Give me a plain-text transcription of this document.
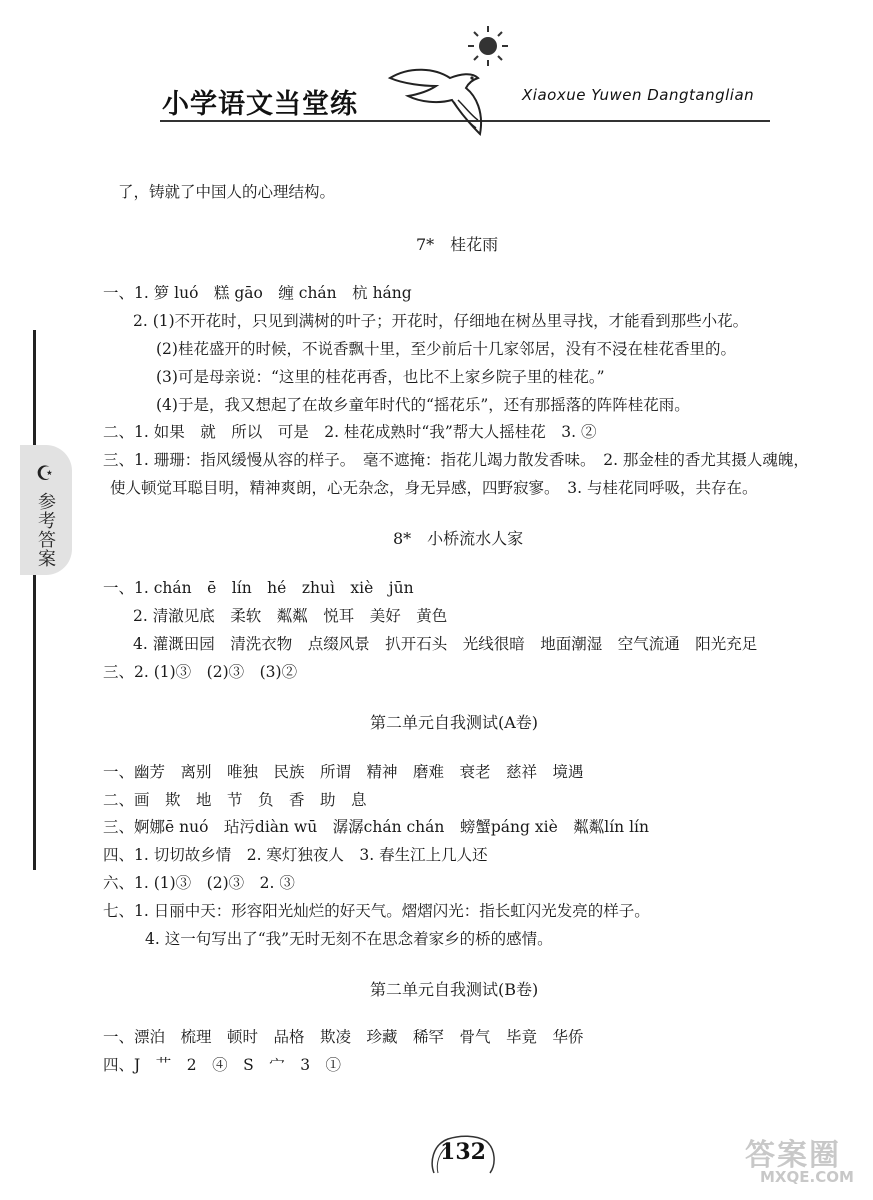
小学语文当堂练	Xiaoxue Yuwen Dangtanglian
☪
参考答案
了，铸就了中国人的心理结构。
7*　桂花雨
一、1. 箩 luó　糕 gāo　缠 chán　杭 háng
2. (1)不开花时，只见到满树的叶子；开花时，仔细地在树丛里寻找，才能看到那些小花。
(2)桂花盛开的时候，不说香飘十里，至少前后十几家邻居，没有不浸在桂花香里的。
(3)可是母亲说：“这里的桂花再香，也比不上家乡院子里的桂花。”
(4)于是，我又想起了在故乡童年时代的“摇花乐”，还有那摇落的阵阵桂花雨。
二、1. 如果　就　所以　可是　2. 桂花成熟时“我”帮大人摇桂花　3. ②
三、1. 珊珊：指风缓慢从容的样子。　毫不遮掩：指花儿竭力散发香味。　2. 那金桂的香尤其摄人魂魄，
使人顿觉耳聪目明，精神爽朗，心无杂念，身无异感，四野寂寥。　3. 与桂花同呼吸，共存在。
8*　小桥流水人家
一、1. chán　ē　lín　hé　zhuì　xiè　jūn
2. 清澈见底　柔软　粼粼　悦耳　美好　黄色
4. 灌溉田园　清洗衣物　点缀风景　扒开石头　光线很暗　地面潮湿　空气流通　阳光充足
三、2. (1)③　(2)③　(3)②
第二单元自我测试(A卷)
一、幽芳　离别　唯独　民族　所谓　精神　磨难　衰老　慈祥　境遇
二、画　欺　地　节　负　香　助　息
三、婀娜ē nuó　玷污diàn wū　潺潺chán chán　螃蟹páng xiè　粼粼lín lín
四、1. 切切故乡情　2. 寒灯独夜人　3. 春生江上几人还
六、1. (1)③　(2)③　2. ③
七、1. 日丽中天：形容阳光灿烂的好天气。熠熠闪光：指长虹闪光发亮的样子。
4. 这一句写出了“我”无时无刻不在思念着家乡的桥的感情。
第二单元自我测试(B卷)
一、漂泊　梳理　顿时　品格　欺凌　珍藏　稀罕　骨气　毕竟　华侨
四、J　艹　2　④　S　宀　3　①
132	答案圈
MXQE.COM
